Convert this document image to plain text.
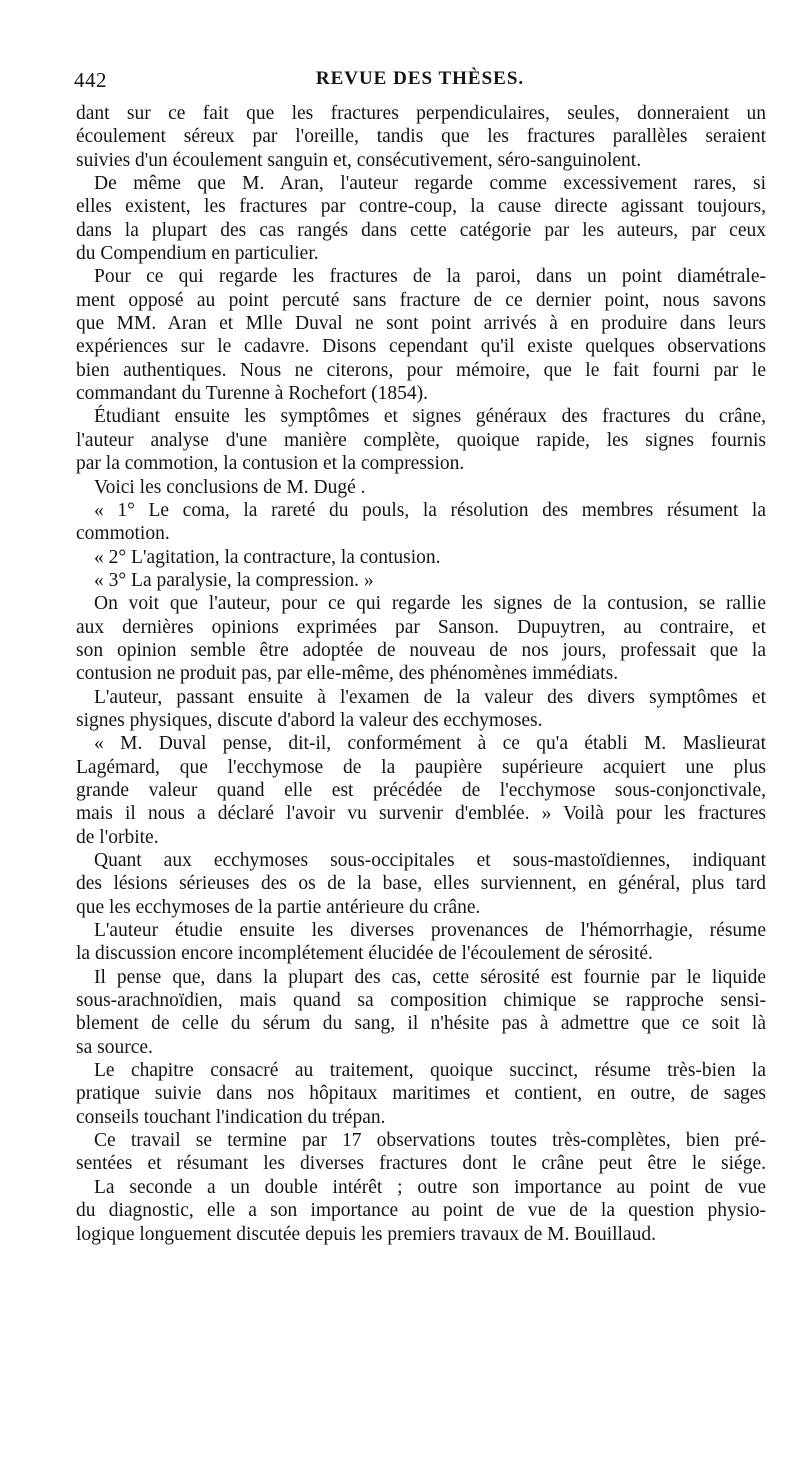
442	REVUE DES THÈSES.
dant sur ce fait que les fractures perpendiculaires, seules, donneraient un
écoulement séreux par l'oreille, tandis que les fractures parallèles seraient
suivies d'un écoulement sanguin et, consécutivement, séro-sanguinolent.
De même que M. Aran, l'auteur regarde comme excessivement rares, si
elles existent, les fractures par contre-coup, la cause directe agissant toujours,
dans la plupart des cas rangés dans cette catégorie par les auteurs, par ceux
du Compendium en particulier.
Pour ce qui regarde les fractures de la paroi, dans un point diamétrale-
ment opposé au point percuté sans fracture de ce dernier point, nous savons
que MM. Aran et Mlle Duval ne sont point arrivés à en produire dans leurs
expériences sur le cadavre. Disons cependant qu'il existe quelques observations
bien authentiques. Nous ne citerons, pour mémoire, que le fait fourni par le
commandant du Turenne à Rochefort (1854).
Étudiant ensuite les symptômes et signes généraux des fractures du crâne,
l'auteur analyse d'une manière complète, quoique rapide, les signes fournis
par la commotion, la contusion et la compression.
Voici les conclusions de M. Dugé .
« 1° Le coma, la rareté du pouls, la résolution des membres résument la
commotion.
« 2° L'agitation, la contracture, la contusion.
« 3° La paralysie, la compression. »
On voit que l'auteur, pour ce qui regarde les signes de la contusion, se rallie
aux dernières opinions exprimées par Sanson. Dupuytren, au contraire, et
son opinion semble être adoptée de nouveau de nos jours, professait que la
contusion ne produit pas, par elle-même, des phénomènes immédiats.
L'auteur, passant ensuite à l'examen de la valeur des divers symptômes et
signes physiques, discute d'abord la valeur des ecchymoses.
« M. Duval pense, dit-il, conformément à ce qu'a établi M. Maslieurat
Lagémard, que l'ecchymose de la paupière supérieure acquiert une plus
grande valeur quand elle est précédée de l'ecchymose sous-conjonctivale,
mais il nous a déclaré l'avoir vu survenir d'emblée. » Voilà pour les fractures
de l'orbite.
Quant aux ecchymoses sous-occipitales et sous-mastoïdiennes, indiquant
des lésions sérieuses des os de la base, elles surviennent, en général, plus tard
que les ecchymoses de la partie antérieure du crâne.
L'auteur étudie ensuite les diverses provenances de l'hémorrhagie, résume
la discussion encore incomplétement élucidée de l'écoulement de sérosité.
Il pense que, dans la plupart des cas, cette sérosité est fournie par le liquide
sous-arachnoïdien, mais quand sa composition chimique se rapproche sensi-
blement de celle du sérum du sang, il n'hésite pas à admettre que ce soit là
sa source.
Le chapitre consacré au traitement, quoique succinct, résume très-bien la
pratique suivie dans nos hôpitaux maritimes et contient, en outre, de sages
conseils touchant l'indication du trépan.
Ce travail se termine par 17 observations toutes très-complètes, bien pré-
sentées et résumant les diverses fractures dont le crâne peut être le siége.
La seconde a un double intérêt ; outre son importance au point de vue
du diagnostic, elle a son importance au point de vue de la question physio-
logique longuement discutée depuis les premiers travaux de M. Bouillaud.
